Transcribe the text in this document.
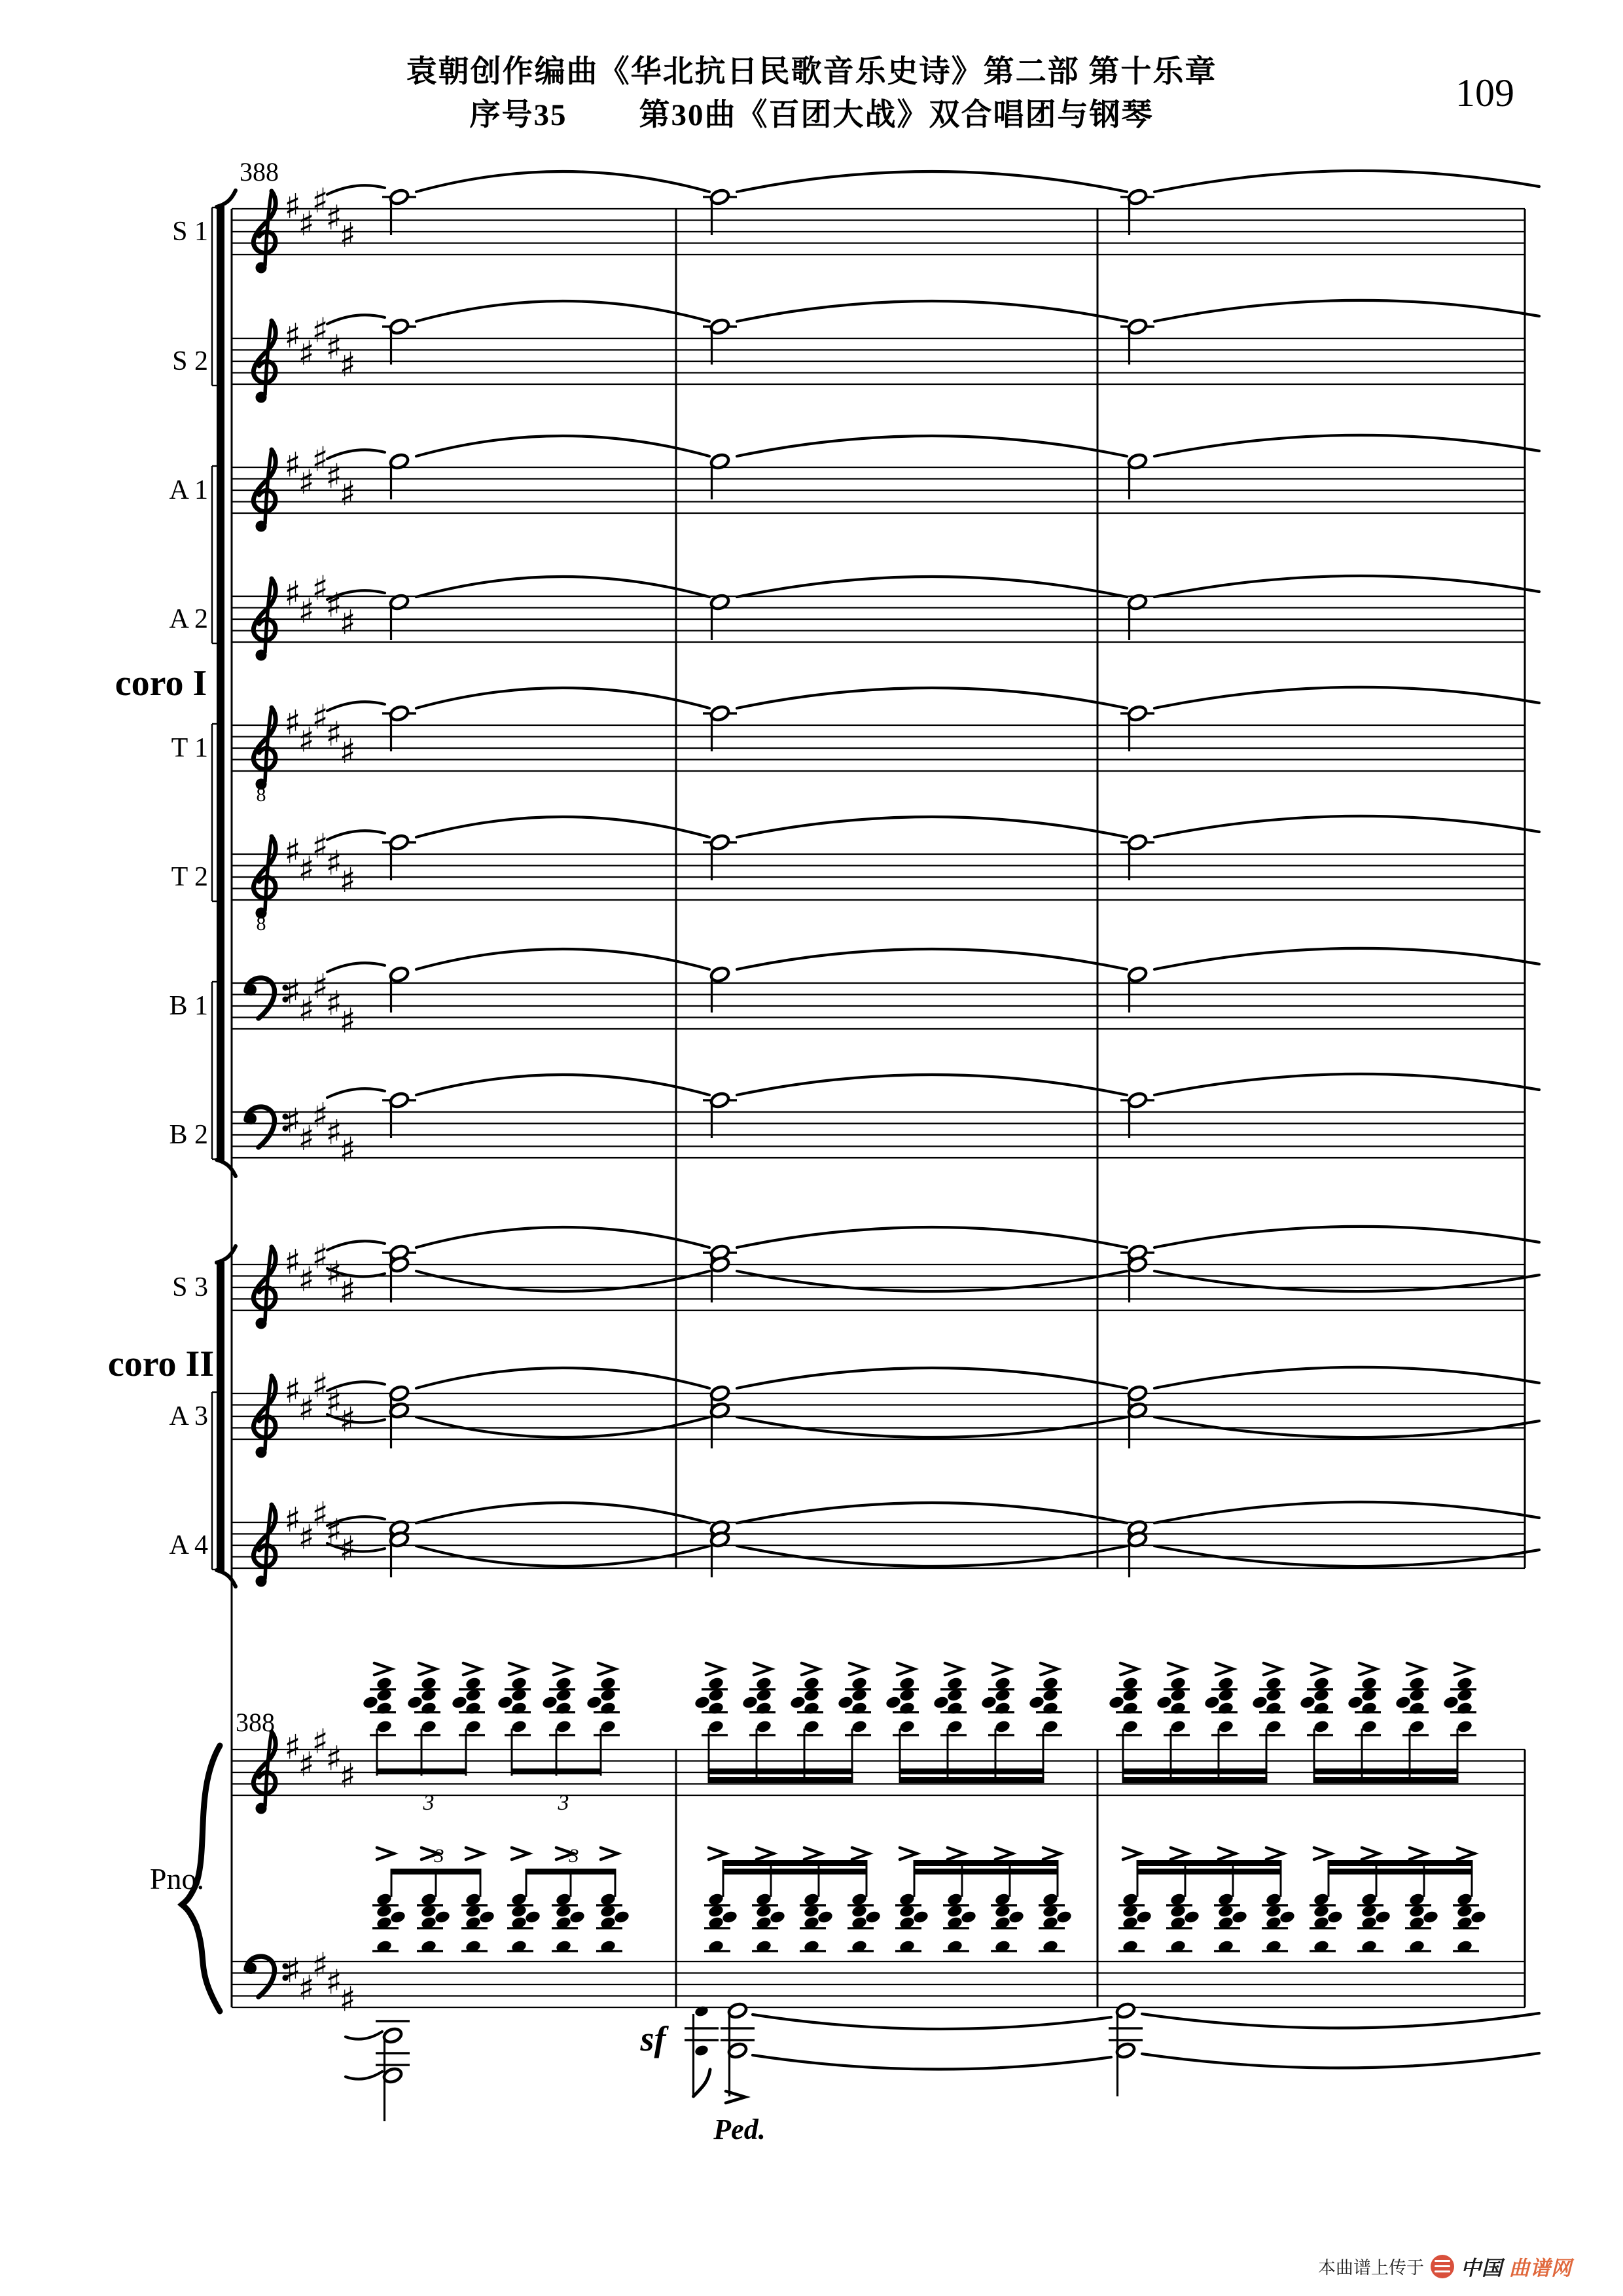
袁朝创作编曲《华北抗日民歌音乐史诗》第二部 第十乐章
序号35        第30曲《百团大战》双合唱团与钢琴
109
S 1
♯
♯
♯
♯
♯
S 2
♯
♯
♯
♯
♯
A 1
♯
♯
♯
♯
♯
A 2
♯
♯
♯
♯
♯
T 1
8
♯
♯
♯
♯
♯
T 2
8
♯
♯
♯
♯
♯
B 1 ♯
♯
♯
♯
♯
B 2 ♯
♯
♯
♯
♯
S 3
♯
♯
♯
♯
♯
A 3
♯
♯
♯
♯
♯
A 4
♯
♯
♯
♯
♯
coro I
coro II
388
388
♯
♯
♯
♯
♯
♯
♯
♯
♯
♯
Pno.
3
3
3
3
sf
Ped.
本曲谱上传于 中国 曲谱网
